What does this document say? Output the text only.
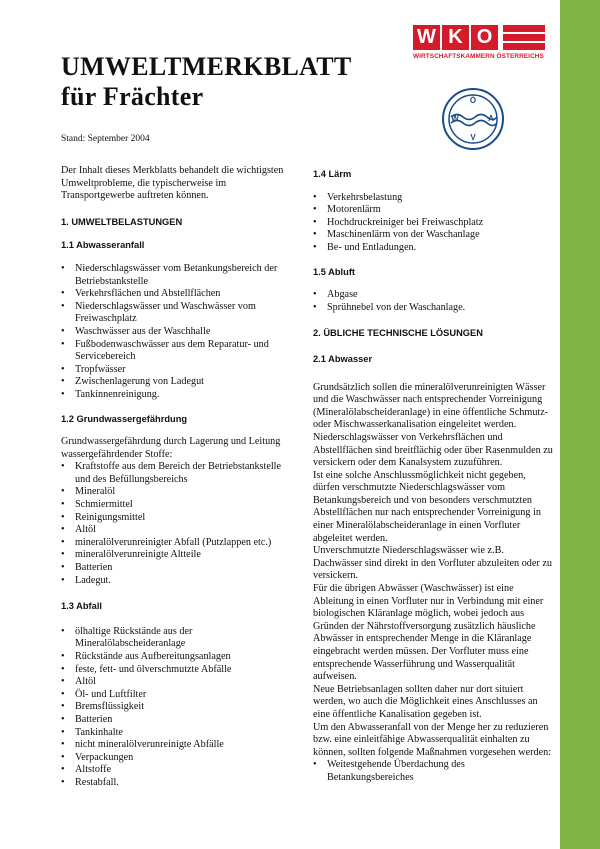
W K O
WIRTSCHAFTSKAMMERN ÖSTERREICHS
Ö
W	A
V
UMWELTMERKBLATT
für Frächter
Stand: September 2004

Der Inhalt dieses Merkblatts behandelt die wichtigsten Umweltprobleme, die typischerweise im Transportgewerbe auftreten können.

1. UMWELTBELASTUNGEN
1.1 Abwasseranfall
• Niederschlagswässer vom Betankungsbereich der Betriebstankstelle
• Verkehrsflächen und Abstellflächen
• Niederschlagswässer und Waschwässer vom Freiwaschplatz
• Waschwässer aus der Waschhalle
• Fußbodenwaschwässer aus dem Reparatur- und Servicebereich
• Tropfwässer
• Zwischenlagerung von Ladegut
• Tankinnenreinigung.
1.2 Grundwassergefährdung

Grundwassergefährdung durch Lagerung und Leitung wassergefährdender Stoffe:

• Kraftstoffe aus dem Bereich der Betriebstankstelle und des Befüllungsbereichs
• Mineralöl
• Schmiermittel
• Reinigungsmittel
• Altöl
• mineralölverunreinigter Abfall (Putzlappen etc.)
• mineralölverunreinigte Altteile
• Batterien
• Ladegut.
1.3 Abfall
• ölhaltige Rückstände aus der Mineralölabscheideranlage
• Rückstände aus Aufbereitungsanlagen
• feste, fett- und ölverschmutzte Abfälle
• Altöl
• Öl- und Luftfilter
• Bremsflüssigkeit
• Batterien
• Tankinhalte
• nicht mineralölverunreinigte Abfälle
• Verpackungen
• Altstoffe
• Restabfall.
1.4 Lärm
• Verkehrsbelastung
• Motorenlärm
• Hochdruckreiniger bei Freiwaschplatz
• Maschinenlärm von der Waschanlage
• Be- und Entladungen.
1.5 Abluft
• Abgase
• Sprühnebel von der Waschanlage.
2. ÜBLICHE TECHNISCHE LÖSUNGEN
2.1 Abwasser

Grundsätzlich sollen die mineralölverunreinigten Wässer und die Waschwässer nach entsprechender Vorreinigung (Mineralölabscheideranlage) in eine öffentliche Schmutz- oder Mischwasserkanalisation eingeleitet werden.

Niederschlagswässer von Verkehrsflächen und Abstellflächen sind breitflächig oder über Rasenmulden zu versickern oder dem Kanalsystem zuzuführen.

Ist eine solche Anschlussmöglichkeit nicht gegeben, dürfen verschmutzte Niederschlagswässer vom Betankungsbereich und von besonders verschmutzten Abstellflächen nur nach entsprechender Vorreinigung in einer Mineralölabscheideranlage in einen Vorfluter abgeleitet werden.

Unverschmutzte Niederschlagswässer wie z.B. Dachwässer sind direkt in den Vorfluter abzuleiten oder zu versickern.

Für die übrigen Abwässer (Waschwässer) ist eine Ableitung in einen Vorfluter nur in Verbindung mit einer biologischen Kläranlage möglich, wobei jedoch aus Gründen der Nährstoffversorgung zusätzlich häusliche Abwässer in entsprechender Menge in die Kläranlage eingebracht werden müssen. Der Vorfluter muss eine entsprechende Wasserführung und Wasserqualität aufweisen.

Neue Betriebsanlagen sollten daher nur dort situiert werden, wo auch die Möglichkeit eines Anschlusses an eine öffentliche Kanalisation gegeben ist.

Um den Abwasseranfall von der Menge her zu reduzieren bzw. eine einleitfähige Abwasserqualität einhalten zu können, sollten folgende Maßnahmen vorgesehen werden:

• Weitestgehende Überdachung des Betankungsbereiches
